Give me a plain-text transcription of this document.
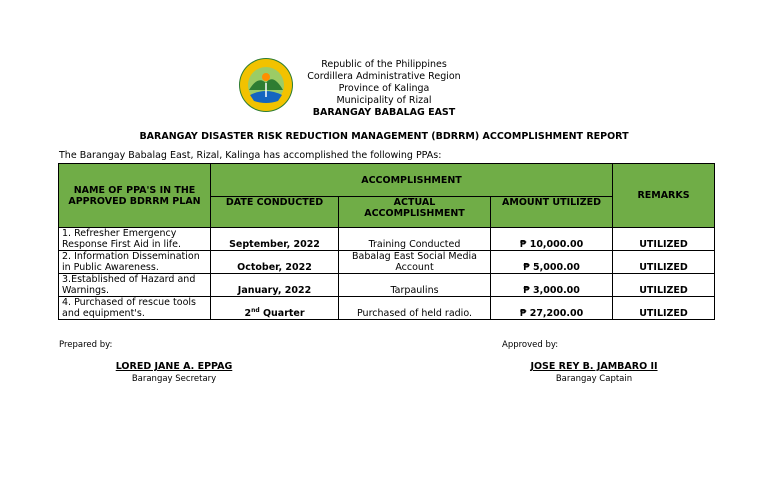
Republic of the Philippines
Cordillera Administrative Region
Province of Kalinga
Municipality of Rizal
BARANGAY BABALAG EAST
BARANGAY DISASTER RISK REDUCTION MANAGEMENT (BDRRM) ACCOMPLISHMENT REPORT
The Barangay Babalag East, Rizal, Kalinga has accomplished the following PPAs:
NAME OF PPA'S IN THE APPROVED BDRRM PLAN	ACCOMPLISHMENT			REMARKS
	DATE CONDUCTED	ACTUAL ACCOMPLISHMENT	AMOUNT UTILIZED	
1. Refresher Emergency Response First Aid in life.	September, 2022	Training Conducted	₱ 10,000.00	UTILIZED
2. Information Dissemination in Public Awareness.	October, 2022	Babalag East Social Media Account	₱ 5,000.00	UTILIZED
3.Established of Hazard and Warnings.	January, 2022	Tarpaulins	₱ 3,000.00	UTILIZED
4. Purchased of rescue tools and equipment's.	2nd Quarter	Purchased of held radio.	₱ 27,200.00	UTILIZED
Prepared by:	Approved by:
LORED JANE A. EPPAG
Barangay Secretary
JOSE REY B. JAMBARO II
Barangay Captain
